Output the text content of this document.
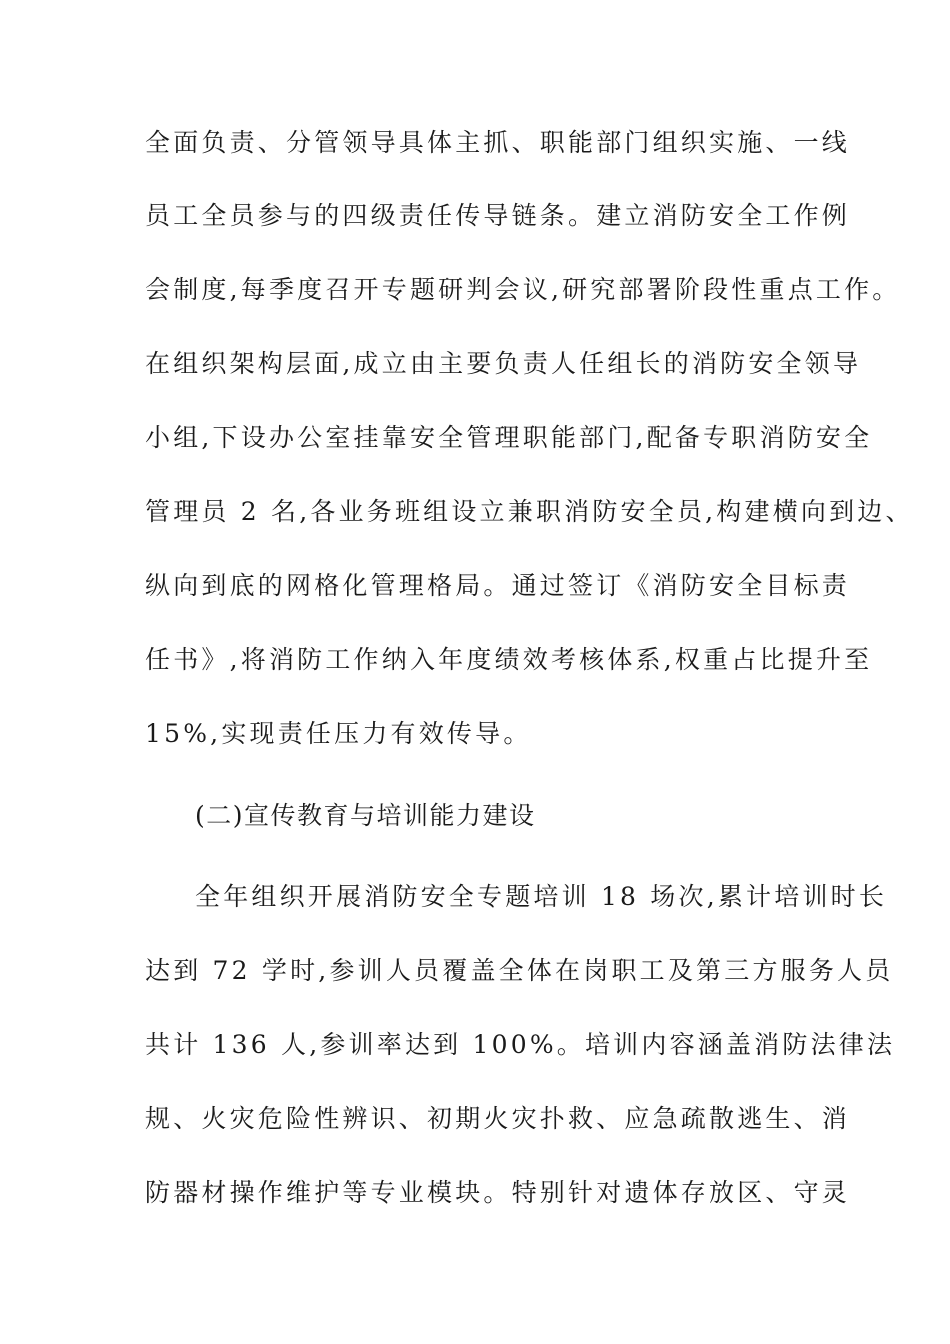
全面负责、分管领导具体主抓、职能部门组织实施、一线
员工全员参与的四级责任传导链条。建立消防安全工作例
会制度,每季度召开专题研判会议,研究部署阶段性重点工作。
在组织架构层面,成立由主要负责人任组长的消防安全领导
小组,下设办公室挂靠安全管理职能部门,配备专职消防安全
管理员 2 名,各业务班组设立兼职消防安全员,构建横向到边、
纵向到底的网格化管理格局。通过签订《消防安全目标责
任书》,将消防工作纳入年度绩效考核体系,权重占比提升至
15%,实现责任压力有效传导。
(二)宣传教育与培训能力建设
全年组织开展消防安全专题培训 18 场次,累计培训时长
达到 72 学时,参训人员覆盖全体在岗职工及第三方服务人员
共计 136 人,参训率达到 100%。培训内容涵盖消防法律法
规、火灾危险性辨识、初期火灾扑救、应急疏散逃生、消
防器材操作维护等专业模块。特别针对遗体存放区、守灵
